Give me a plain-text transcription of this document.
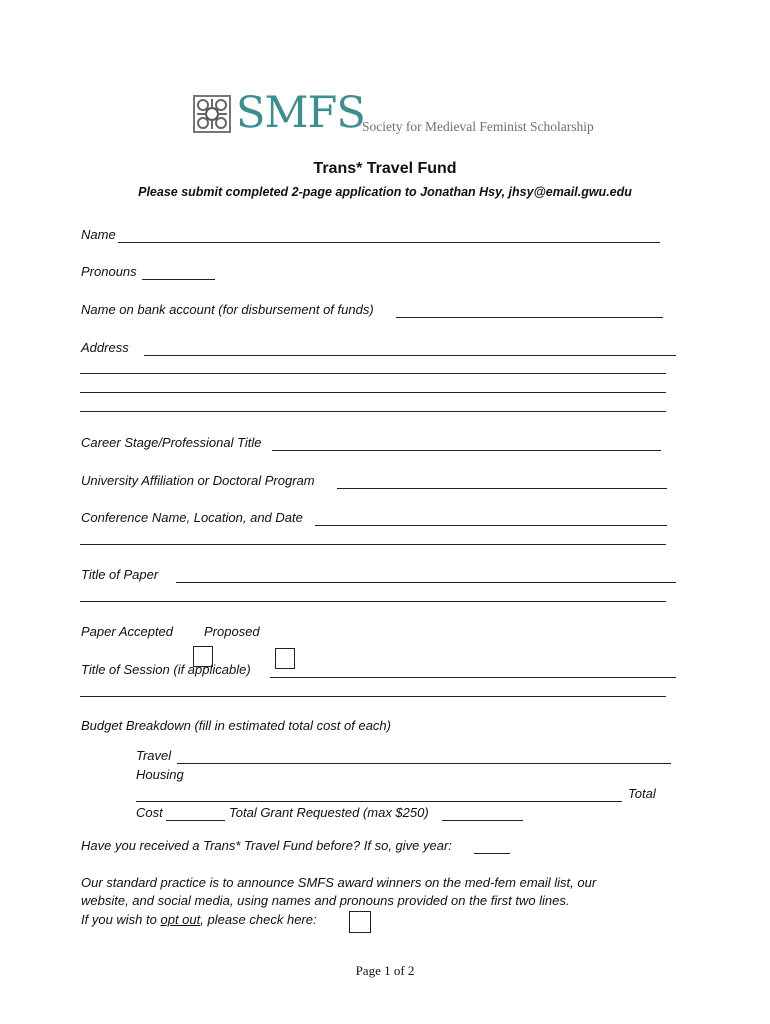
SMFS
Society for Medieval Feminist Scholarship
Trans* Travel Fund
Please submit completed 2-page application to Jonathan Hsy, jhsy@email.gwu.edu
Name
Pronouns
Name on bank account (for disbursement of funds)
Address
Career Stage/Professional Title
University Affiliation or Doctoral Program
Conference Name, Location, and Date
Title of Paper
Paper Accepted Proposed
Title of Session (if applicable)
Budget Breakdown (fill in estimated total cost of each)
Travel
Housing
Total
Cost	Total Grant Requested (max $250)
Have you received a Trans* Travel Fund before? If so, give year:
Our standard practice is to announce SMFS award winners on the med-fem email list, our
website, and social media, using names and pronouns provided on the first two lines.
If you wish to opt out, please check here:
Page 1 of 2
